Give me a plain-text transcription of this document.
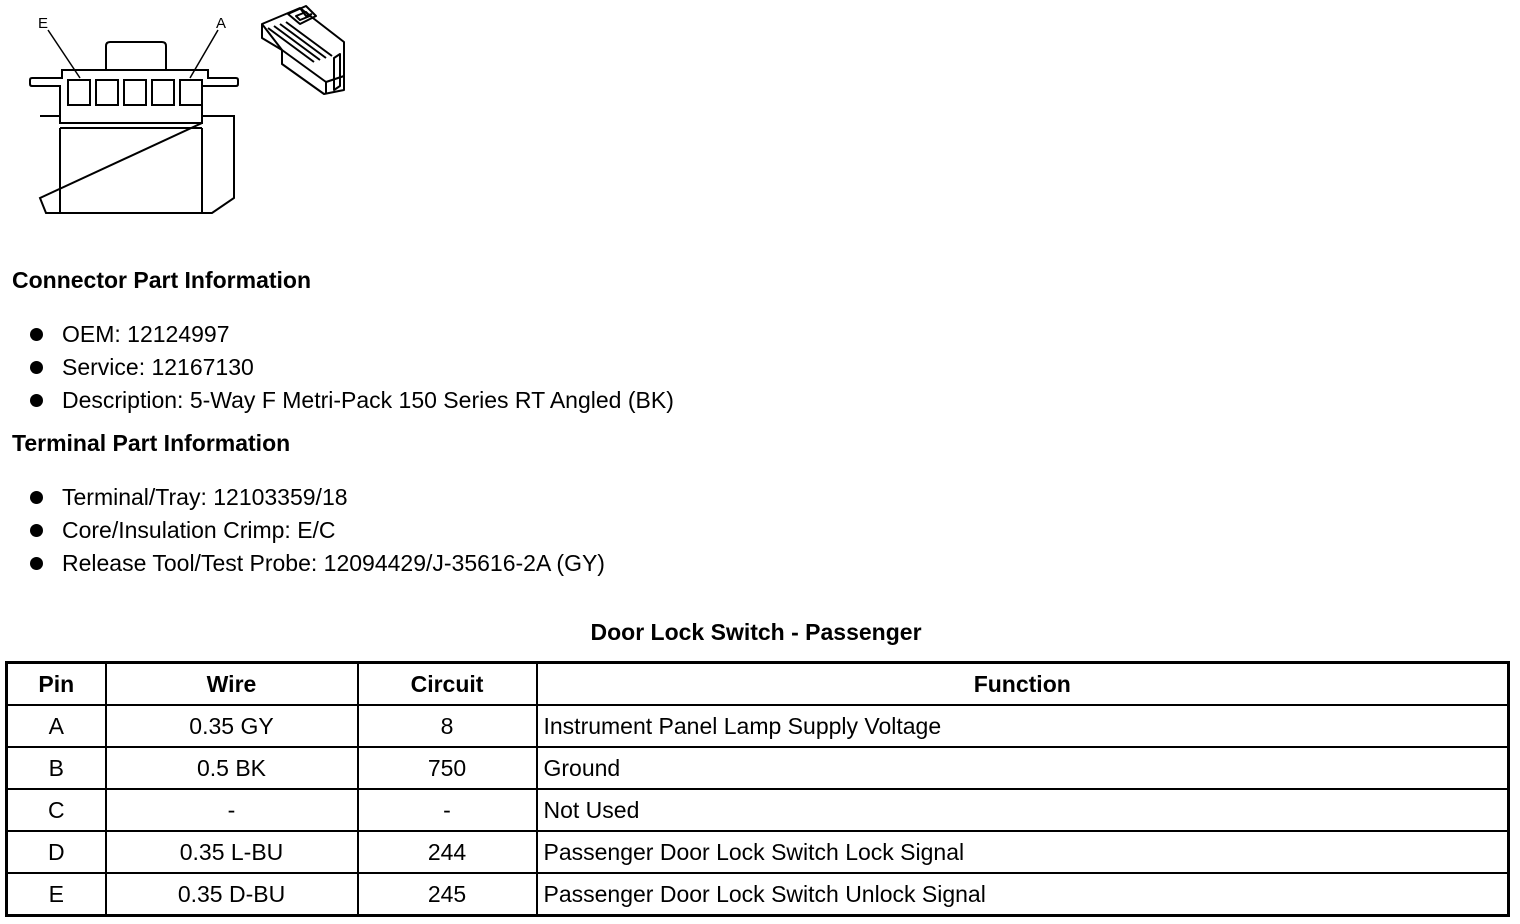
E	A
Connector Part Information
OEM: 12124997
Service: 12167130
Description: 5-Way F Metri-Pack 150 Series RT Angled (BK)
Terminal Part Information
Terminal/Tray: 12103359/18
Core/Insulation Crimp: E/C
Release Tool/Test Probe: 12094429/J-35616-2A (GY)
Door Lock Switch - Passenger
Pin	Wire	Circuit	Function
A	0.35 GY	8	Instrument Panel Lamp Supply Voltage
B	0.5 BK	750	Ground
C	-	-	Not Used
D	0.35 L-BU	244	Passenger Door Lock Switch Lock Signal
E	0.35 D-BU	245	Passenger Door Lock Switch Unlock Signal
